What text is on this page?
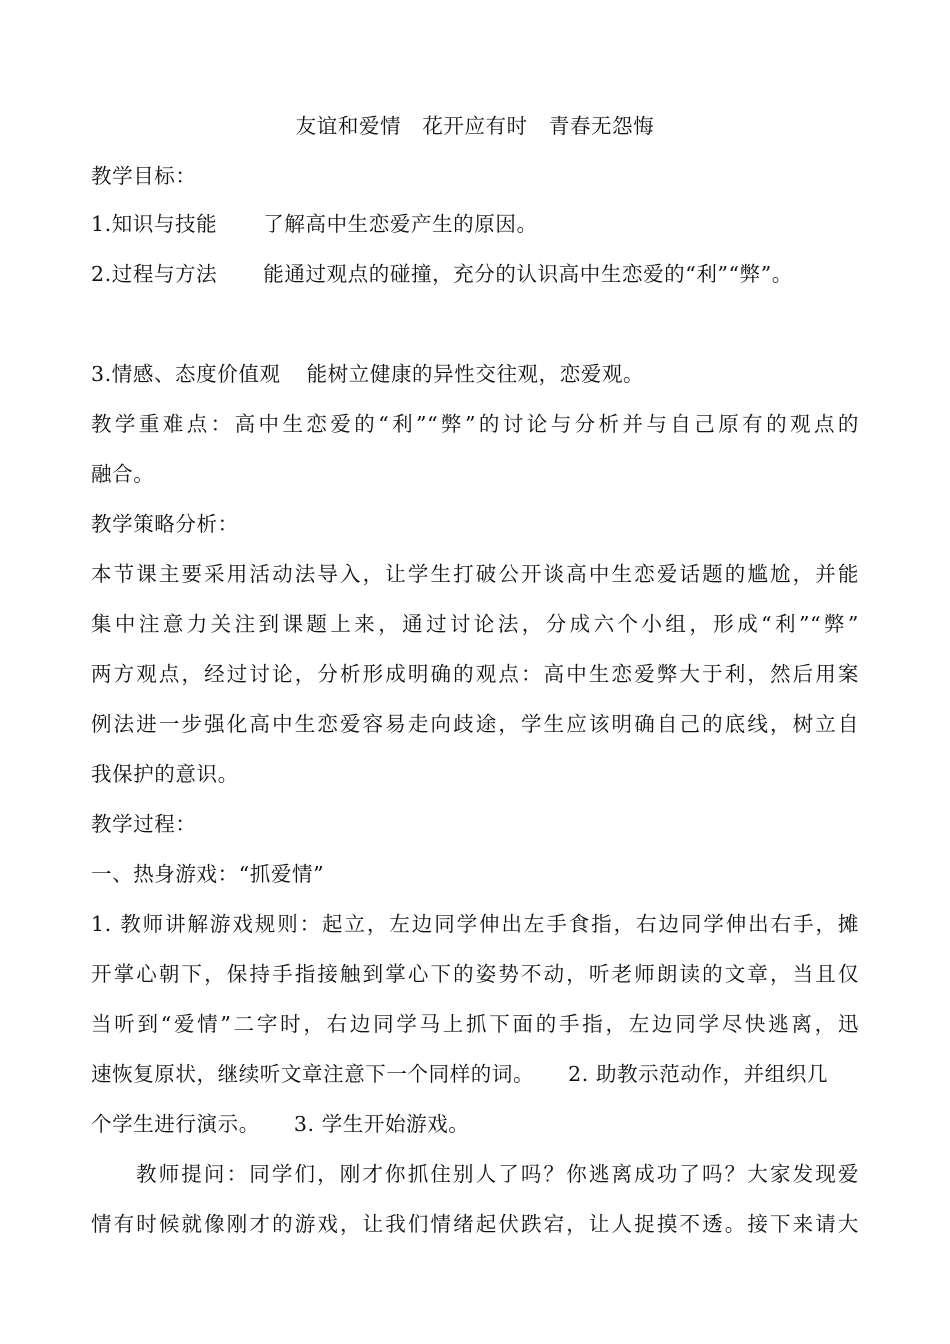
友谊和爱情 花开应有时 青春无怨悔
教学目标：
1.知识与技能 了解高中生恋爱产生的原因。
2.过程与方法 能通过观点的碰撞，充分的认识高中生恋爱的“利”“弊”。
3.情感、态度价值观 能树立健康的异性交往观，恋爱观。
教学重难点：高中生恋爱的“利”“弊”的讨论与分析并与自己原有的观点的
融合。
教学策略分析：
本节课主要采用活动法导入，让学生打破公开谈高中生恋爱话题的尴尬，并能
集中注意力关注到课题上来，通过讨论法，分成六个小组，形成“利”“弊”
两方观点，经过讨论，分析形成明确的观点：高中生恋爱弊大于利，然后用案
例法进一步强化高中生恋爱容易走向歧途，学生应该明确自己的底线，树立自
我保护的意识。
教学过程：
一、热身游戏：“抓爱情”
1. 教师讲解游戏规则：起立，左边同学伸出左手食指，右边同学伸出右手，摊
开掌心朝下，保持手指接触到掌心下的姿势不动，听老师朗读的文章，当且仅
当听到“爱情”二字时，右边同学马上抓下面的手指，左边同学尽快逃离，迅
速恢复原状，继续听文章注意下一个同样的词。 2. 助教示范动作，并组织几
个学生进行演示。 3. 学生开始游戏。
教师提问：同学们，刚才你抓住别人了吗？你逃离成功了吗？大家发现爱
情有时候就像刚才的游戏，让我们情绪起伏跌宕，让人捉摸不透。接下来请大
